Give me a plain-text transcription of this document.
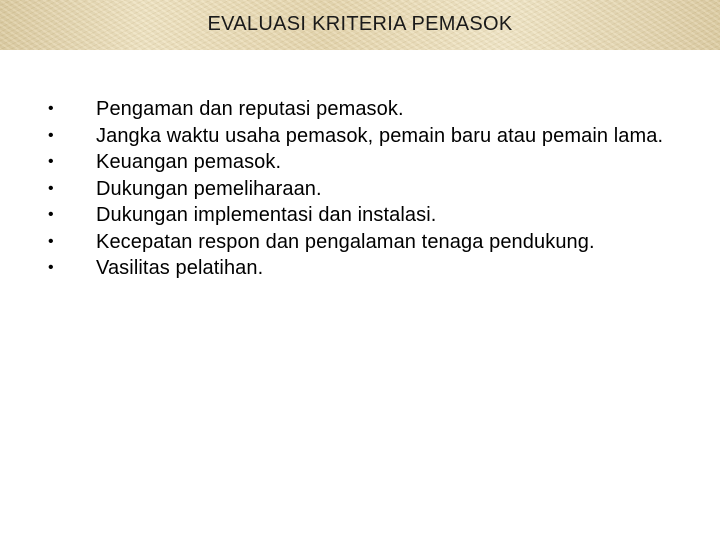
EVALUASI KRITERIA PEMASOK
•	Pengaman dan reputasi pemasok.
•	Jangka waktu usaha pemasok, pemain baru atau pemain lama.
•	Keuangan pemasok.
•	Dukungan pemeliharaan.
•	Dukungan implementasi dan instalasi.
•	Kecepatan respon dan pengalaman tenaga pendukung.
•	Vasilitas pelatihan.
